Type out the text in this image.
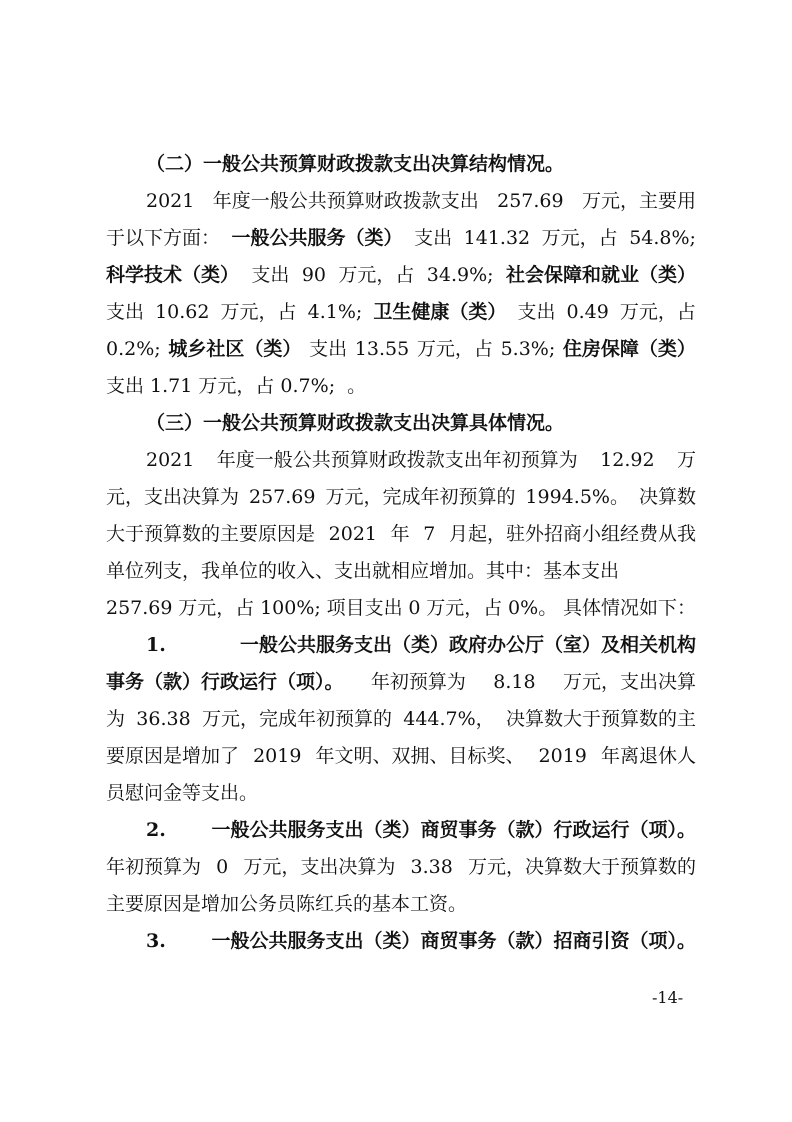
（二）一般公共预算财政拨款支出决算结构情况。
2021 年度一般公共预算财政拨款支出 257.69 万元，主要用
于以下方面： 一般公共服务（类） 支出 141.32 万元，占 54.8%;
科学技术（类） 支出 90 万元，占 34.9%; 社会保障和就业（类）
支出 10.62 万元，占 4.1%; 卫生健康（类） 支出 0.49 万元，占
0.2%; 城乡社区（类） 支出 13.55 万元，占 5.3%; 住房保障（类）
支出 1.71 万元，占 0.7%;  。
（三）一般公共预算财政拨款支出决算具体情况。
2021 年度一般公共预算财政拨款支出年初预算为 12.92 万
元，支出决算为 257.69 万元，完成年初预算的 1994.5%。 决算数
大于预算数的主要原因是 2021 年 7 月起，驻外招商小组经费从我
单位列支，我单位的收入、支出就相应增加。其中：基本支出
257.69 万元，占 100%; 项目支出 0 万元，占 0%。 具体情况如下：
1.	一般公共服务支出（类）政府办公厅（室）及相关机构
事务（款）行政运行（项）。 年初预算为 8.18 万元，支出决算
为 36.38 万元，完成年初预算的 444.7%， 决算数大于预算数的主
要原因是增加了 2019 年文明、双拥、目标奖、 2019 年离退休人
员慰问金等支出。
2. 一般公共服务支出（类）商贸事务（款）行政运行（项）。
年初预算为 0 万元，支出决算为 3.38 万元，决算数大于预算数的
主要原因是增加公务员陈红兵的基本工资。
3. 一般公共服务支出（类）商贸事务（款）招商引资（项）。
-14-
